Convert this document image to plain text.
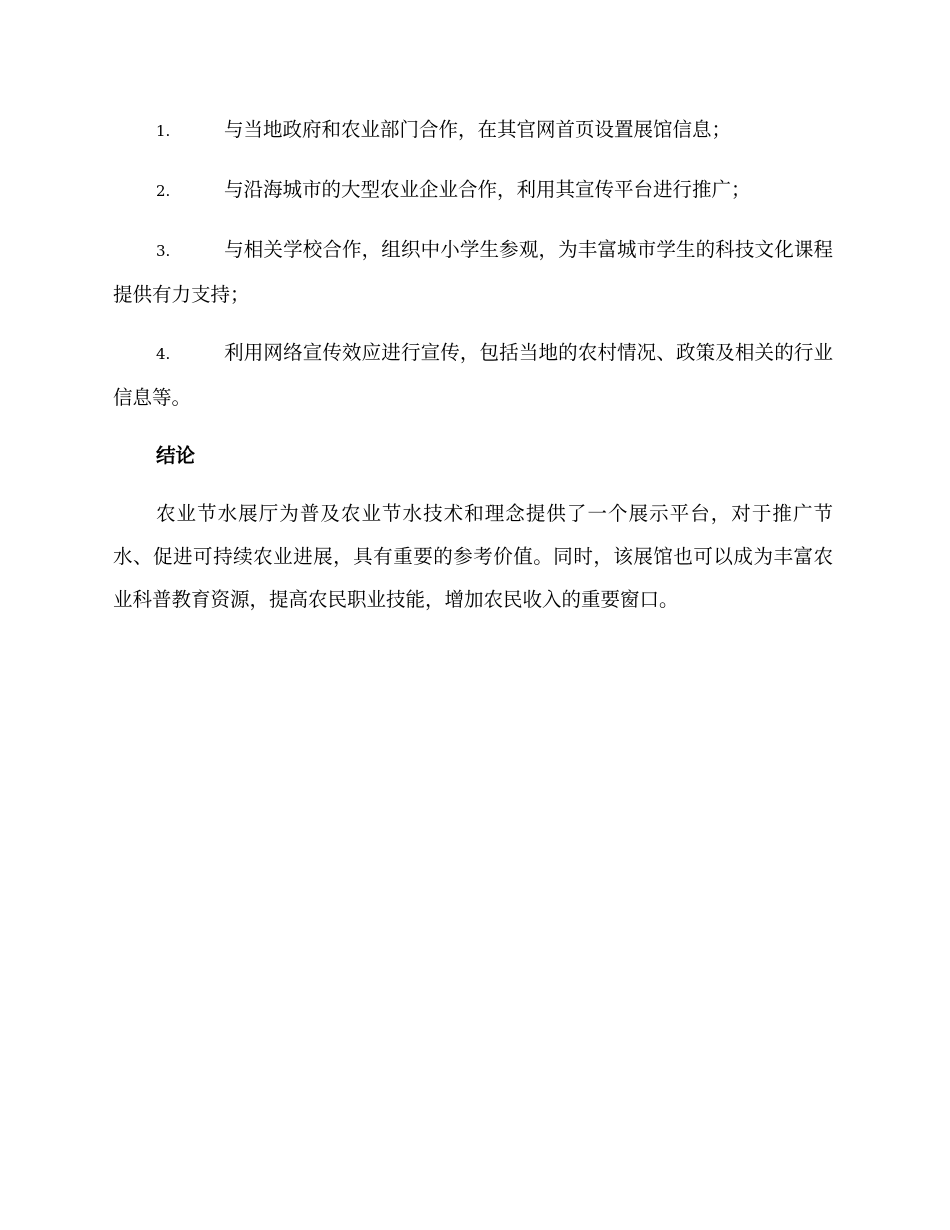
1.	与当地政府和农业部门合作，在其官网首页设置展馆信息；

2.	与沿海城市的大型农业企业合作，利用其宣传平台进行推广；

3.	与相关学校合作，组织中小学生参观，为丰富城市学生的科技文化课程提供有力支持；

4.	利用网络宣传效应进行宣传，包括当地的农村情况、政策及相关的行业信息等。

结论

农业节水展厅为普及农业节水技术和理念提供了一个展示平台，对于推广节水、促进可持续农业进展，具有重要的参考价值。同时，该展馆也可以成为丰富农业科普教育资源，提高农民职业技能，增加农民收入的重要窗口。
